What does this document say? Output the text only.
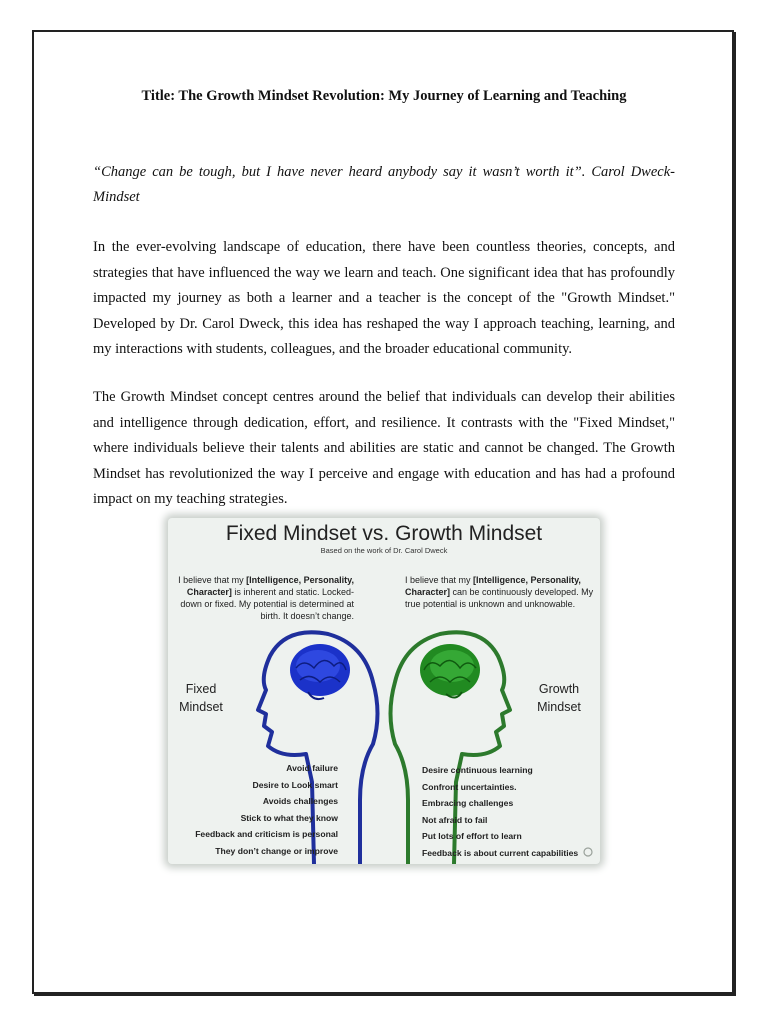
Title: The Growth Mindset Revolution: My Journey of Learning and Teaching
“Change can be tough, but I have never heard anybody say it wasn’t worth it”. Carol Dweck-Mindset
In the ever-evolving landscape of education, there have been countless theories, concepts, and strategies that have influenced the way we learn and teach. One significant idea that has profoundly impacted my journey as both a learner and a teacher is the concept of the "Growth Mindset." Developed by Dr. Carol Dweck, this idea has reshaped the way I approach teaching, learning, and my interactions with students, colleagues, and the broader educational community.
The Growth Mindset concept centres around the belief that individuals can develop their abilities and intelligence through dedication, effort, and resilience. It contrasts with the "Fixed Mindset," where individuals believe their talents and abilities are static and cannot be changed. The Growth Mindset has revolutionized the way I perceive and engage with education and has had a profound impact on my teaching strategies.
Fixed Mindset vs. Growth Mindset
Based on the work of Dr. Carol Dweck
I believe that my [Intelligence, Personality, Character] is inherent and static. Locked-down or fixed. My potential is determined at birth. It doesn’t change.
I believe that my [Intelligence, Personality, Character] can be continuously developed. My true potential is unknown and unknowable.
Fixed
Mindset
Growth
Mindset
Avoid failure
Desire to Look smart
Avoids challenges
Stick to what they know
Feedback and criticism is personal
They don’t change or improve
Desire continuous learning
Confront uncertainties.
Embracing challenges
Not afraid to fail
Put lots of effort to learn
Feedback is about current capabilities
